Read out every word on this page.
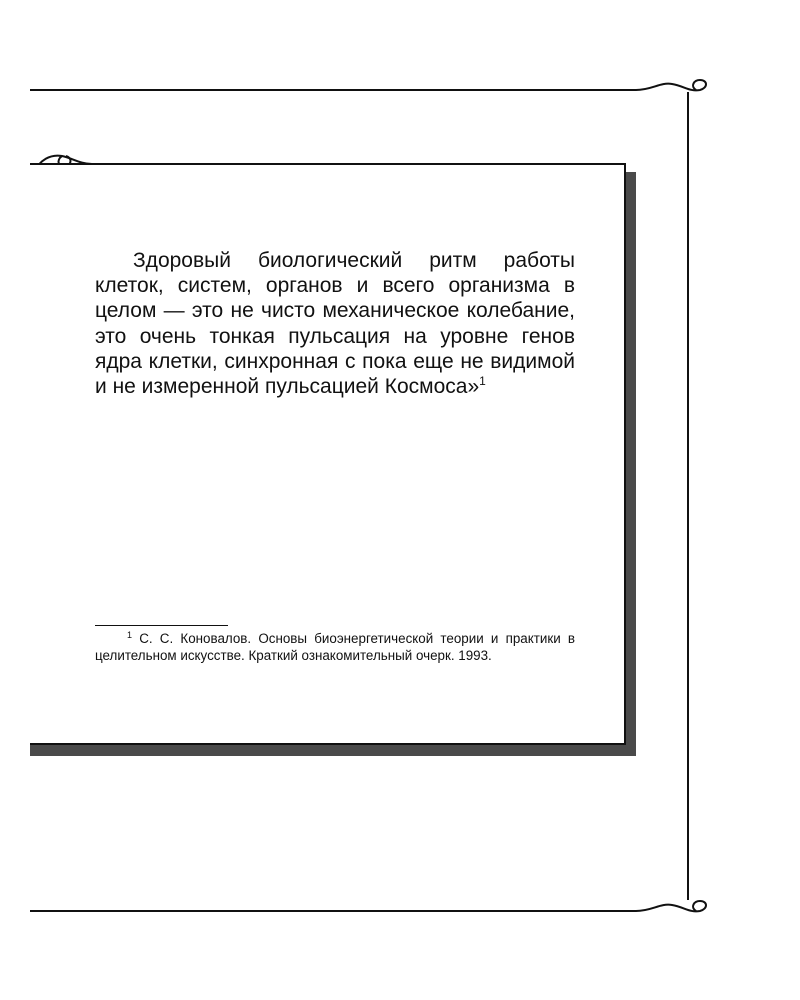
Здоровый биологический ритм работы клеток, систем, органов и всего организма в целом — это не чисто механическое колебание, это очень тонкая пульсация на уровне генов ядра клетки, синхронная с пока еще не видимой и не измеренной пульсацией Космоса»$^1$

$^1$ С. С. Коновалов. Основы биоэнергетической теории и практики в целительном искусстве. Краткий ознакомительный очерк. 1993.
